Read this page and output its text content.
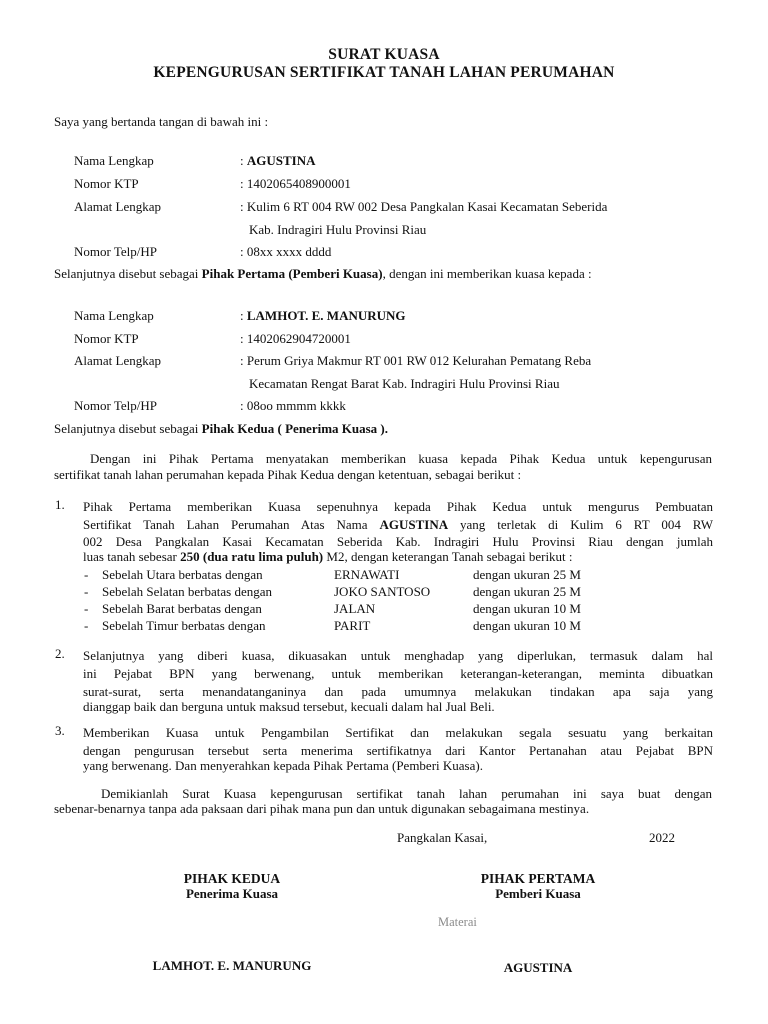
SURAT KUASA
KEPENGURUSAN SERTIFIKAT TANAH LAHAN PERUMAHAN
Saya yang bertanda tangan di bawah ini :
Nama Lengkap	: AGUSTINA
Nomor KTP	: 1402065408900001
Alamat Lengkap	: Kulim 6 RT 004 RW 002 Desa Pangkalan Kasai Kecamatan Seberida
Kab. Indragiri Hulu Provinsi Riau
Nomor Telp/HP	: 08xx xxxx dddd
Selanjutnya disebut sebagai Pihak Pertama (Pemberi Kuasa), dengan ini memberikan kuasa kepada :
Nama Lengkap	: LAMHOT. E. MANURUNG
Nomor KTP	: 1402062904720001
Alamat Lengkap	: Perum Griya Makmur RT 001 RW 012 Kelurahan Pematang Reba
Kecamatan Rengat Barat Kab. Indragiri Hulu Provinsi Riau
Nomor Telp/HP	: 08oo mmmm kkkk
Selanjutnya disebut sebagai Pihak Kedua ( Penerima Kuasa ).
Dengan ini Pihak Pertama menyatakan memberikan kuasa kepada Pihak Kedua untuk kepengurusan
sertifikat tanah lahan perumahan kepada Pihak Kedua dengan ketentuan, sebagai berikut :
1. Pihak Pertama memberikan Kuasa sepenuhnya kepada Pihak Kedua untuk mengurus Pembuatan
Sertifikat Tanah Lahan Perumahan Atas Nama AGUSTINA yang terletak di Kulim 6 RT 004 RW
002 Desa Pangkalan Kasai Kecamatan Seberida Kab. Indragiri Hulu Provinsi Riau dengan jumlah
luas tanah sebesar 250 (dua ratu lima puluh) M2, dengan keterangan Tanah sebagai berikut :
- Sebelah Utara berbatas dengan	ERNAWATI	dengan ukuran 25 M
- Sebelah Selatan berbatas dengan	JOKO SANTOSO	dengan ukuran 25 M
- Sebelah Barat berbatas dengan	JALAN	dengan ukuran 10 M
- Sebelah Timur berbatas dengan	PARIT	dengan ukuran 10 M
2. Selanjutnya yang diberi kuasa, dikuasakan untuk menghadap yang diperlukan, termasuk dalam hal
ini Pejabat BPN yang berwenang, untuk memberikan keterangan-keterangan, meminta dibuatkan
surat-surat, serta menandatanganinya dan pada umumnya melakukan tindakan apa saja yang
dianggap baik dan berguna untuk maksud tersebut, kecuali dalam hal Jual Beli.
3. Memberikan Kuasa untuk Pengambilan Sertifikat dan melakukan segala sesuatu yang berkaitan
dengan pengurusan tersebut serta menerima sertifikatnya dari Kantor Pertanahan atau Pejabat BPN
yang berwenang. Dan menyerahkan kepada Pihak Pertama (Pemberi Kuasa).
Demikianlah Surat Kuasa kepengurusan sertifikat tanah lahan perumahan ini saya buat dengan
sebenar-benarnya tanpa ada paksaan dari pihak mana pun dan untuk digunakan sebagaimana mestinya.
Pangkalan Kasai,	2022
PIHAK KEDUA
Penerima Kuasa
PIHAK PERTAMA
Pemberi Kuasa
Materai
LAMHOT. E. MANURUNG	AGUSTINA
